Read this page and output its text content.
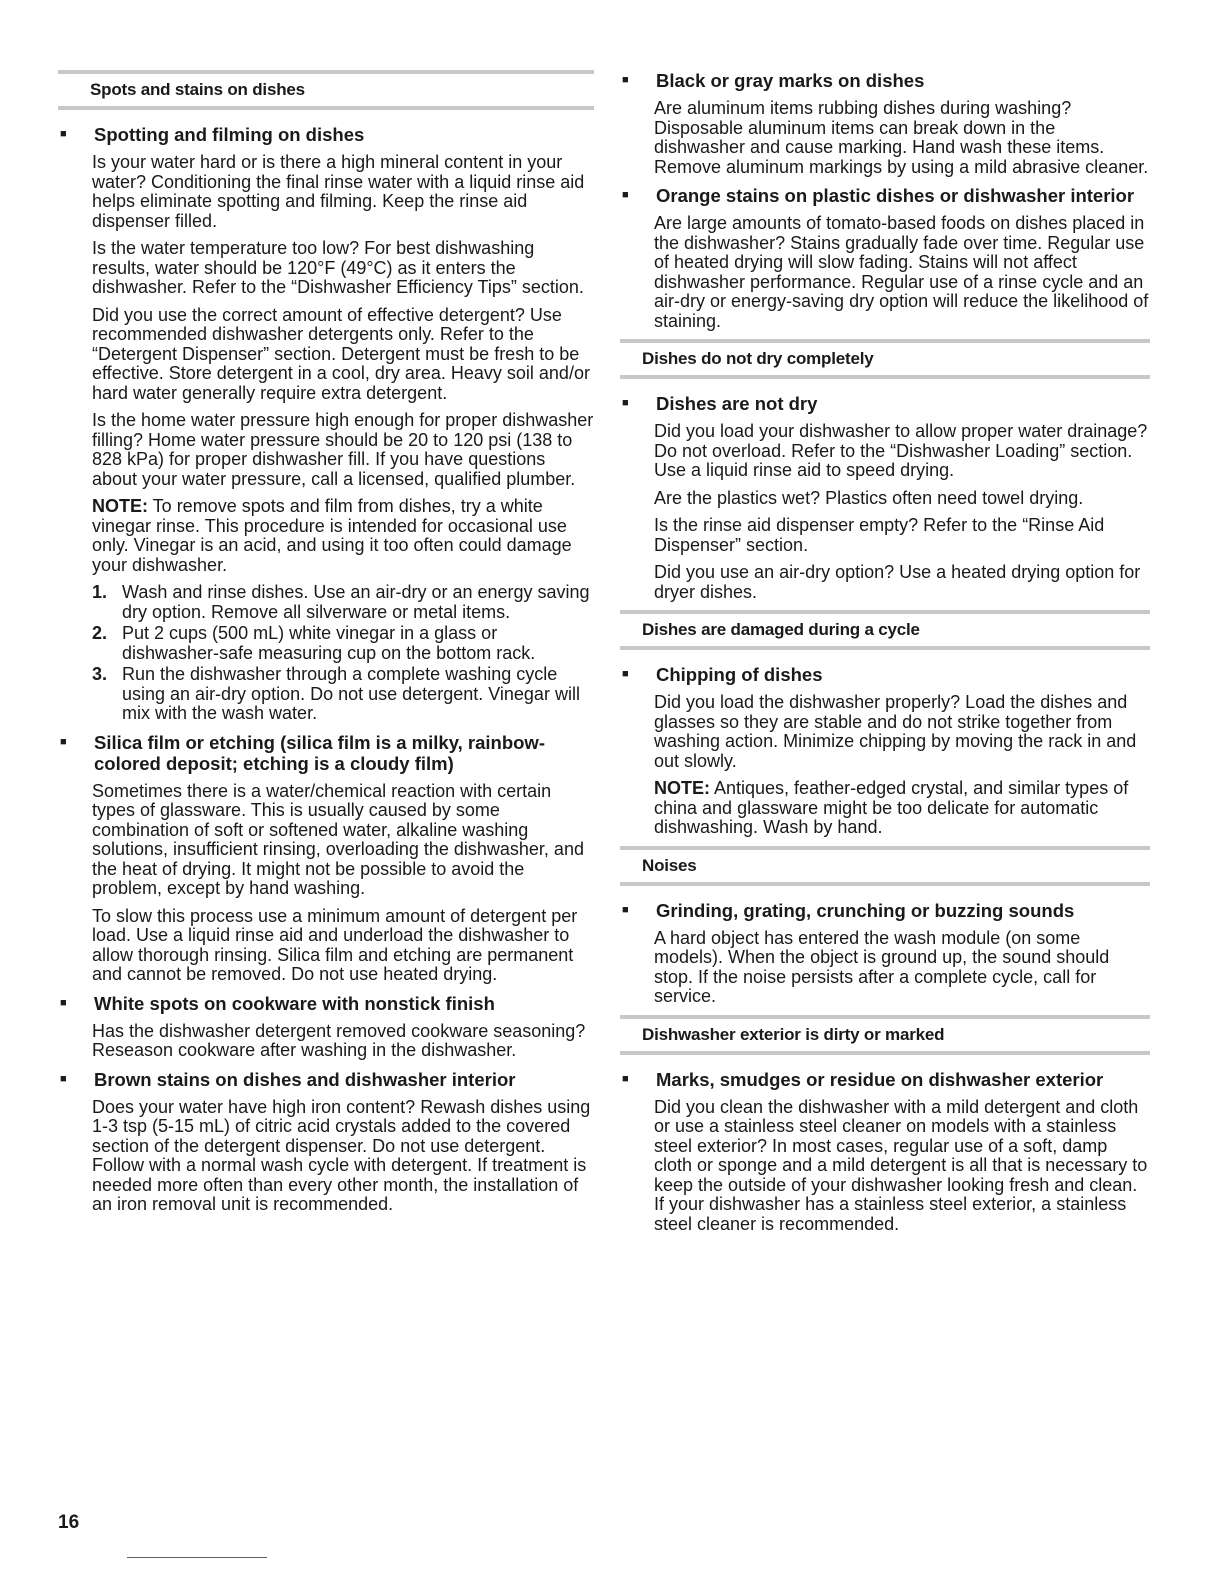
Spots and stains on dishes
■	Spotting and filming on dishes

Is your water hard or is there a high mineral content in your water? Conditioning the final rinse water with a liquid rinse aid helps eliminate spotting and filming. Keep the rinse aid dispenser filled.

Is the water temperature too low? For best dishwashing results, water should be 120°F (49°C) as it enters the dishwasher. Refer to the “Dishwasher Efficiency Tips” section.

Did you use the correct amount of effective detergent? Use recommended dishwasher detergents only. Refer to the “Detergent Dispenser” section. Detergent must be fresh to be effective. Store detergent in a cool, dry area. Heavy soil and/or hard water generally require extra detergent.

Is the home water pressure high enough for proper dishwasher filling? Home water pressure should be 20 to 120 psi (138 to 828 kPa) for proper dishwasher fill. If you have questions about your water pressure, call a licensed, qualified plumber.

NOTE: To remove spots and film from dishes, try a white vinegar rinse. This procedure is intended for occasional use only. Vinegar is an acid, and using it too often could damage your dishwasher.

1. Wash and rinse dishes. Use an air-dry or an energy saving dry option. Remove all silverware or metal items.
2. Put 2 cups (500 mL) white vinegar in a glass or dishwasher-safe measuring cup on the bottom rack.
3. Run the dishwasher through a complete washing cycle using an air-dry option. Do not use detergent. Vinegar will mix with the wash water.
■	Silica film or etching (silica film is a milky, rainbow-colored deposit; etching is a cloudy film)

Sometimes there is a water/chemical reaction with certain types of glassware. This is usually caused by some combination of soft or softened water, alkaline washing solutions, insufficient rinsing, overloading the dishwasher, and the heat of drying. It might not be possible to avoid the problem, except by hand washing.

To slow this process use a minimum amount of detergent per load. Use a liquid rinse aid and underload the dishwasher to allow thorough rinsing. Silica film and etching are permanent and cannot be removed. Do not use heated drying.

■	White spots on cookware with nonstick finish

Has the dishwasher detergent removed cookware seasoning? Reseason cookware after washing in the dishwasher.

■	Brown stains on dishes and dishwasher interior

Does your water have high iron content? Rewash dishes using 1-3 tsp (5-15 mL) of citric acid crystals added to the covered section of the detergent dispenser. Do not use detergent. Follow with a normal wash cycle with detergent. If treatment is needed more often than every other month, the installation of an iron removal unit is recommended.

■	Black or gray marks on dishes

Are aluminum items rubbing dishes during washing? Disposable aluminum items can break down in the dishwasher and cause marking. Hand wash these items. Remove aluminum markings by using a mild abrasive cleaner.

■	Orange stains on plastic dishes or dishwasher interior

Are large amounts of tomato-based foods on dishes placed in the dishwasher? Stains gradually fade over time. Regular use of heated drying will slow fading. Stains will not affect dishwasher performance. Regular use of a rinse cycle and an air-dry or energy-saving dry option will reduce the likelihood of staining.

Dishes do not dry completely
■	Dishes are not dry

Did you load your dishwasher to allow proper water drainage? Do not overload. Refer to the “Dishwasher Loading” section. Use a liquid rinse aid to speed drying.

Are the plastics wet? Plastics often need towel drying.

Is the rinse aid dispenser empty? Refer to the “Rinse Aid Dispenser” section.

Did you use an air-dry option? Use a heated drying option for dryer dishes.

Dishes are damaged during a cycle
■	Chipping of dishes

Did you load the dishwasher properly? Load the dishes and glasses so they are stable and do not strike together from washing action. Minimize chipping by moving the rack in and out slowly.

NOTE: Antiques, feather-edged crystal, and similar types of china and glassware might be too delicate for automatic dishwashing. Wash by hand.

Noises
■	Grinding, grating, crunching or buzzing sounds

A hard object has entered the wash module (on some models). When the object is ground up, the sound should stop. If the noise persists after a complete cycle, call for service.

Dishwasher exterior is dirty or marked
■	Marks, smudges or residue on dishwasher exterior

Did you clean the dishwasher with a mild detergent and cloth or use a stainless steel cleaner on models with a stainless steel exterior? In most cases, regular use of a soft, damp cloth or sponge and a mild detergent is all that is necessary to keep the outside of your dishwasher looking fresh and clean. If your dishwasher has a stainless steel exterior, a stainless steel cleaner is recommended.

16
